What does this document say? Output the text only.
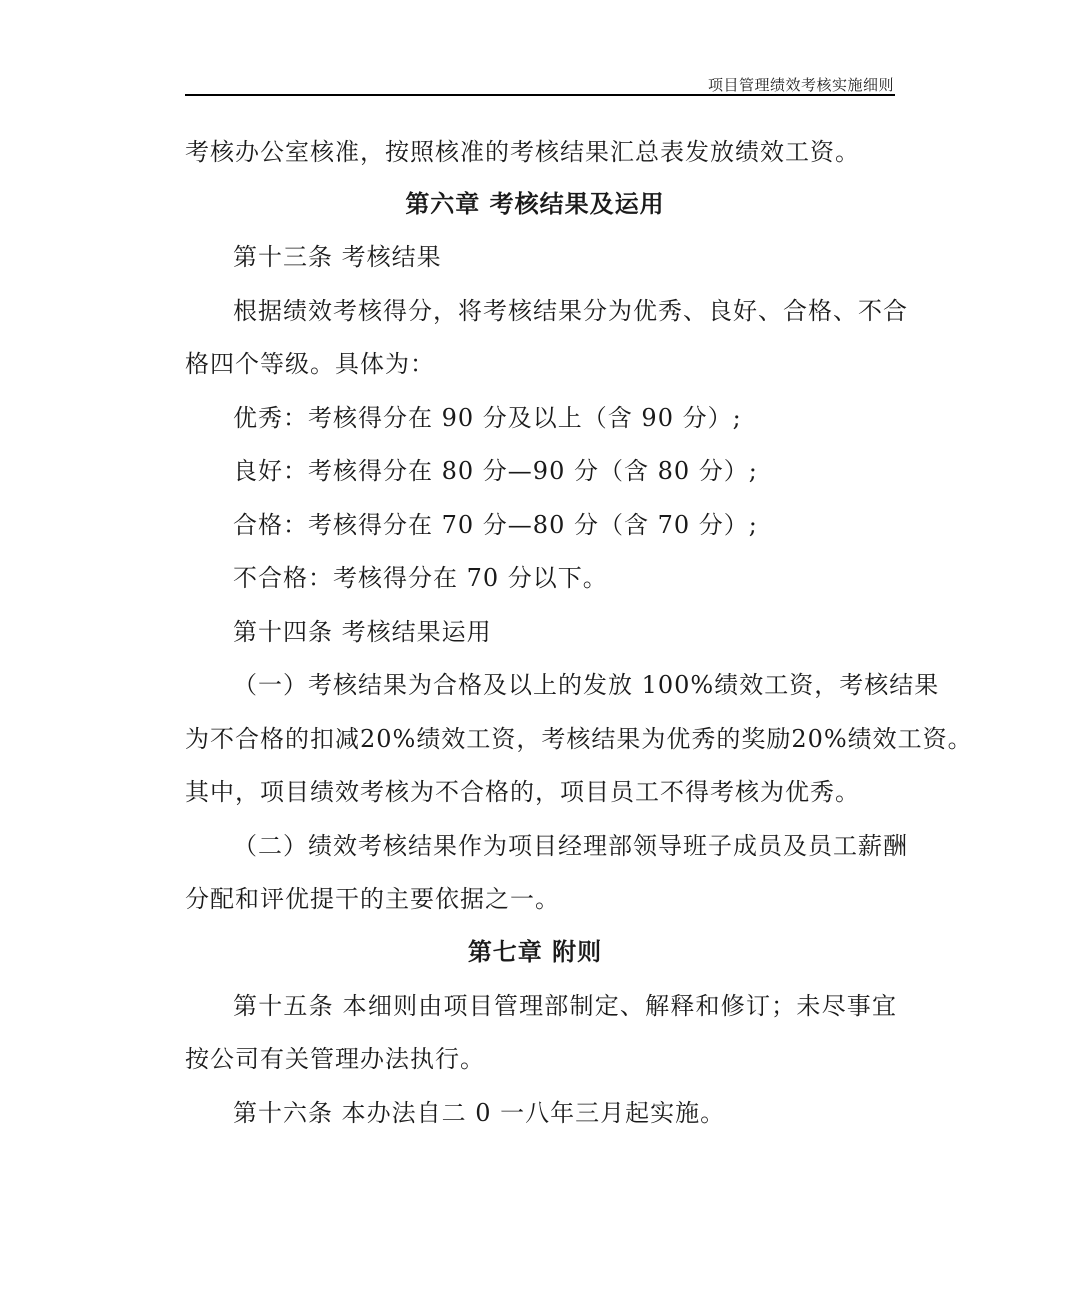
项目管理绩效考核实施细则
考核办公室核准，按照核准的考核结果汇总表发放绩效工资。
第六章 考核结果及运用
第十三条 考核结果
根据绩效考核得分，将考核结果分为优秀、良好、合格、不合
格四个等级。具体为：
优秀：考核得分在 90 分及以上（含 90 分）;
良好：考核得分在 80 分—90 分（含 80 分）;
合格：考核得分在 70 分—80 分（含 70 分）;
不合格：考核得分在 70 分以下。
第十四条 考核结果运用
（一）考核结果为合格及以上的发放 100%绩效工资，考核结果
为不合格的扣减20%绩效工资，考核结果为优秀的奖励20%绩效工资。
其中，项目绩效考核为不合格的，项目员工不得考核为优秀。
（二）绩效考核结果作为项目经理部领导班子成员及员工薪酬
分配和评优提干的主要依据之一。
第七章 附则
第十五条 本细则由项目管理部制定、解释和修订；未尽事宜
按公司有关管理办法执行。
第十六条 本办法自二 0 一八年三月起实施。
